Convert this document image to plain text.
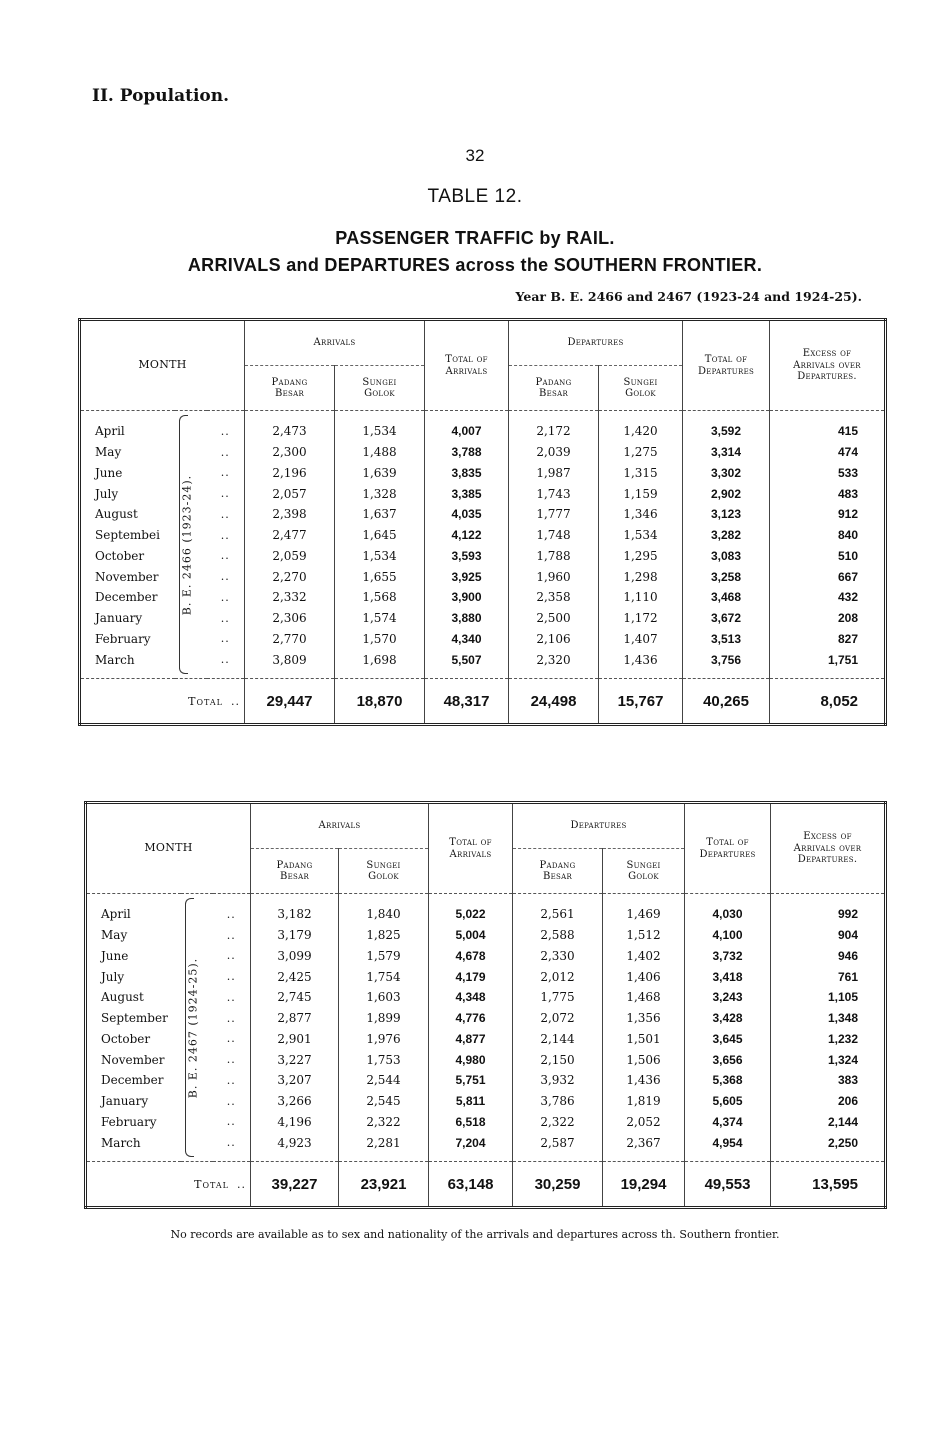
II. Population.
32
TABLE 12.
PASSENGER TRAFFIC by RAIL.
ARRIVALS and DEPARTURES across the SOUTHERN FRONTIER.
Year B. E. 2466 and 2467 (1923-24 and 1924-25).
MONTH			Arrivals		Total of Arrivals	Departures		Total of Departures	Excess of Arrivals over Departures.
			Padang Besar	Sungei Golok		Padang Besar	Sungei Golok		
April	B. E. 2466 (1923-24).	..	2,473	1,534	4,007	2,172	1,420	3,592	415
May		..	2,300	1,488	3,788	2,039	1,275	3,314	474
June		..	2,196	1,639	3,835	1,987	1,315	3,302	533
July		..	2,057	1,328	3,385	1,743	1,159	2,902	483
August		..	2,398	1,637	4,035	1,777	1,346	3,123	912
Septembei		..	2,477	1,645	4,122	1,748	1,534	3,282	840
October		..	2,059	1,534	3,593	1,788	1,295	3,083	510
November		..	2,270	1,655	3,925	1,960	1,298	3,258	667
December		..	2,332	1,568	3,900	2,358	1,110	3,468	432
January		..	2,306	1,574	3,880	2,500	1,172	3,672	208
February		..	2,770	1,570	4,340	2,106	1,407	3,513	827
March		..	3,809	1,698	5,507	2,320	1,436	3,756	1,751
Total ..			29,447	18,870	48,317	24,498	15,767	40,265	8,052
MONTH			Arrivals		Total of Arrivals	Departures		Total of Departures	Excess of Arrivals over Departures.
			Padang Besar	Sungei Golok		Padang Besar	Sungei Golok		
April	B. E. 2467 (1924-25).	..	3,182	1,840	5,022	2,561	1,469	4,030	992
May		..	3,179	1,825	5,004	2,588	1,512	4,100	904
June		..	3,099	1,579	4,678	2,330	1,402	3,732	946
July		..	2,425	1,754	4,179	2,012	1,406	3,418	761
August		..	2,745	1,603	4,348	1,775	1,468	3,243	1,105
September		..	2,877	1,899	4,776	2,072	1,356	3,428	1,348
October		..	2,901	1,976	4,877	2,144	1,501	3,645	1,232
November		..	3,227	1,753	4,980	2,150	1,506	3,656	1,324
December		..	3,207	2,544	5,751	3,932	1,436	5,368	383
January		..	3,266	2,545	5,811	3,786	1,819	5,605	206
February		..	4,196	2,322	6,518	2,322	2,052	4,374	2,144
March		..	4,923	2,281	7,204	2,587	2,367	4,954	2,250
Total ..			39,227	23,921	63,148	30,259	19,294	49,553	13,595
No records are available as to sex and nationality of the arrivals and departures across th. Southern frontier.
